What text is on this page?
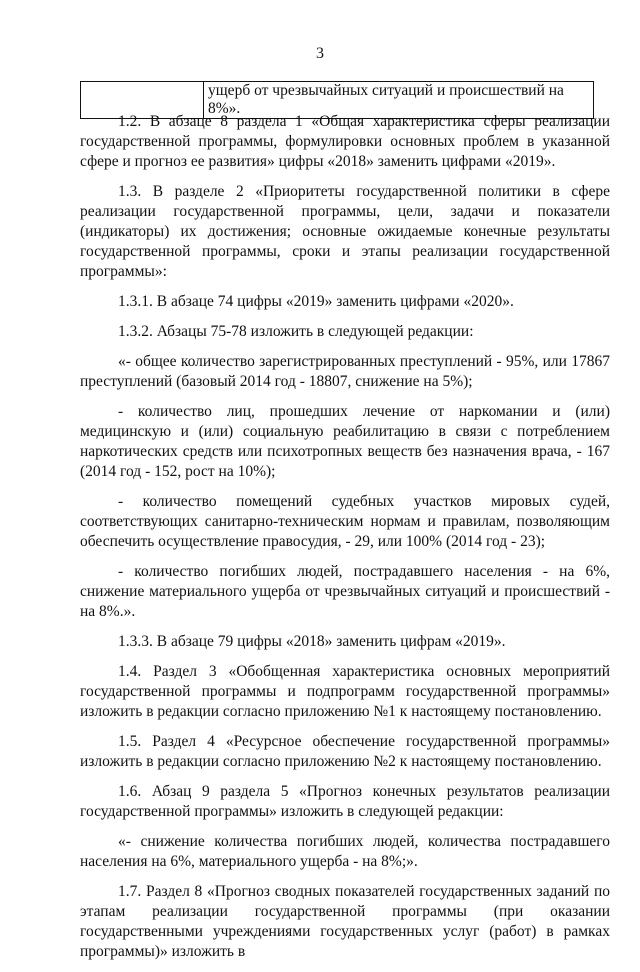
3
	ущерб от чрезвычайных ситуаций и происшествий на 8%».

1.2. В абзаце 8 раздела 1 «Общая характеристика сферы реализации государственной программы, формулировки основных проблем в указанной сфере и прогноз ее развития» цифры «2018» заменить цифрами «2019».

1.3. В разделе 2 «Приоритеты государственной политики в сфере реализации государственной программы, цели, задачи и показатели (индикаторы) их достижения; основные ожидаемые конечные результаты государственной программы, сроки и этапы реализации государственной программы»:

1.3.1. В абзаце 74 цифры «2019» заменить цифрами «2020».

1.3.2. Абзацы 75-78 изложить в следующей редакции:

«- общее количество зарегистрированных преступлений - 95%, или 17867 преступлений (базовый 2014 год - 18807, снижение на 5%);

- количество лиц, прошедших лечение от наркомании и (или) медицинскую и (или) социальную реабилитацию в связи с потреблением наркотических средств или психотропных веществ без назначения врача, - 167 (2014 год - 152, рост на 10%);

- количество помещений судебных участков мировых судей, соответствующих санитарно-техническим нормам и правилам, позволяющим обеспечить осуществление правосудия, - 29, или 100% (2014 год - 23);

- количество погибших людей, пострадавшего населения - на 6%, снижение материального ущерба от чрезвычайных ситуаций и происшествий - на 8%.».

1.3.3. В абзаце 79 цифры «2018» заменить цифрам «2019».

1.4. Раздел 3 «Обобщенная характеристика основных мероприятий государственной программы и подпрограмм государственной программы» изложить в редакции согласно приложению №1 к настоящему постановлению.

1.5. Раздел 4 «Ресурсное обеспечение государственной программы» изложить в редакции согласно приложению №2 к настоящему постановлению.

1.6. Абзац 9 раздела 5 «Прогноз конечных результатов реализации государственной программы» изложить в следующей редакции:

«- снижение количества погибших людей, количества пострадавшего населения на 6%, материального ущерба - на 8%;».

1.7. Раздел 8 «Прогноз сводных показателей государственных заданий по этапам реализации государственной программы (при оказании государственными учреждениями государственных услуг (работ) в рамках программы)» изложить в
